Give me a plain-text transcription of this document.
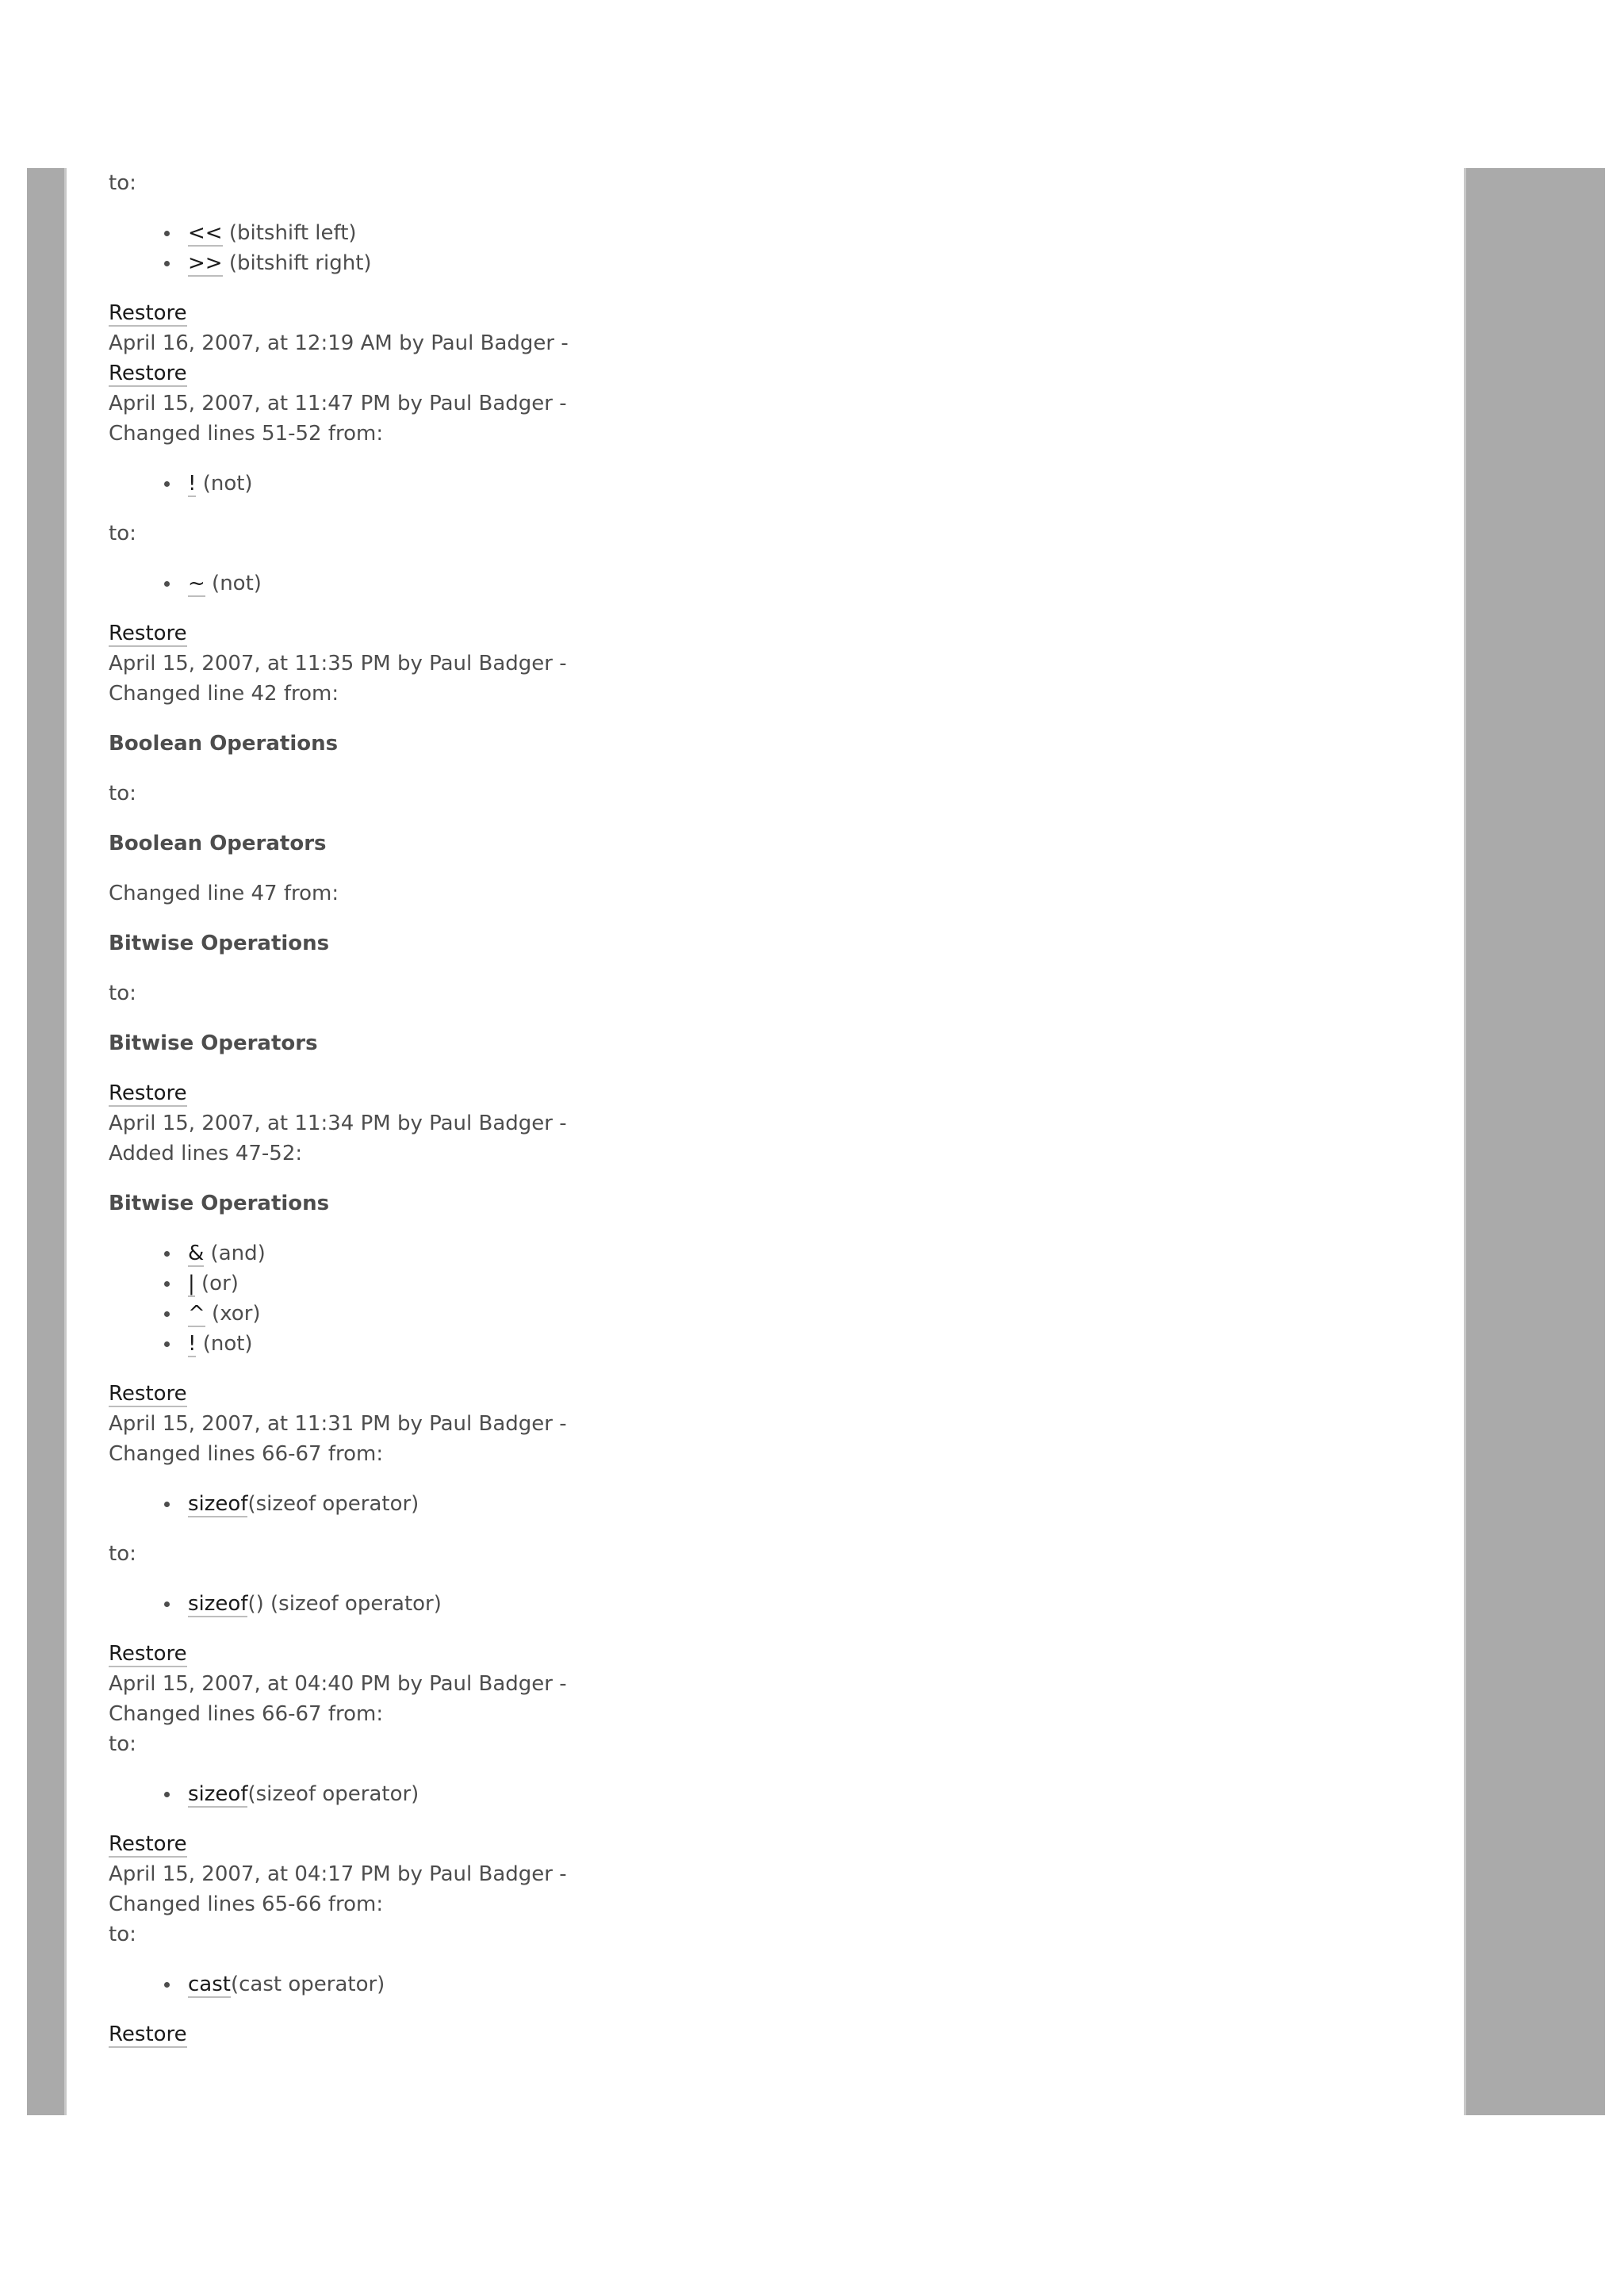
to:
<< (bitshift left)
>> (bitshift right)
Restore
April 16, 2007, at 12:19 AM by Paul Badger -
Restore
April 15, 2007, at 11:47 PM by Paul Badger -
Changed lines 51-52 from:
! (not)
to:
~ (not)
Restore
April 15, 2007, at 11:35 PM by Paul Badger -
Changed line 42 from:
Boolean Operations
to:
Boolean Operators
Changed line 47 from:
Bitwise Operations
to:
Bitwise Operators
Restore
April 15, 2007, at 11:34 PM by Paul Badger -
Added lines 47-52:
Bitwise Operations
& (and)
| (or)
^ (xor)
! (not)
Restore
April 15, 2007, at 11:31 PM by Paul Badger -
Changed lines 66-67 from:
sizeof(sizeof operator)
to:
sizeof() (sizeof operator)
Restore
April 15, 2007, at 04:40 PM by Paul Badger -
Changed lines 66-67 from:
to:
sizeof(sizeof operator)
Restore
April 15, 2007, at 04:17 PM by Paul Badger -
Changed lines 65-66 from:
to:
cast(cast operator)
Restore
